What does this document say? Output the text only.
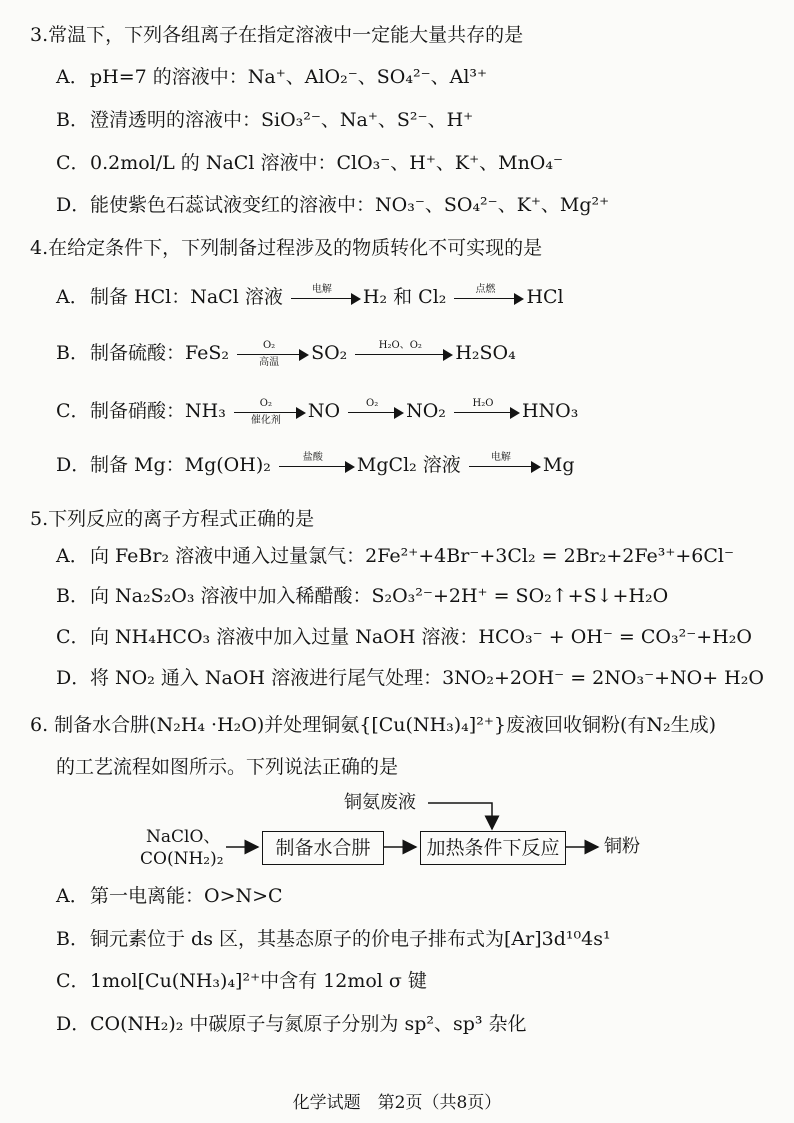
3.常温下，下列各组离子在指定溶液中一定能大量共存的是
A．pH=7 的溶液中：Na⁺、AlO₂⁻、SO₄²⁻、Al³⁺
B．澄清透明的溶液中：SiO₃²⁻、Na⁺、S²⁻、H⁺
C．0.2mol/L 的 NaCl 溶液中：ClO₃⁻、H⁺、K⁺、MnO₄⁻
D．能使紫色石蕊试液变红的溶液中：NO₃⁻、SO₄²⁻、K⁺、Mg²⁺
4.在给定条件下，下列制备过程涉及的物质转化不可实现的是
A．制备 HCl：NaCl 溶液	电解	H₂ 和 Cl₂	点燃	HCl
B．制备硫酸：FeS₂	O₂
高温	SO₂	H₂O、O₂	H₂SO₄
C．制备硝酸：NH₃	O₂
催化剂	NO	O₂	NO₂	H₂O	HNO₃
D．制备 Mg：Mg(OH)₂	盐酸	MgCl₂ 溶液	电解	Mg
5.下列反应的离子方程式正确的是
A．向 FeBr₂ 溶液中通入过量氯气：2Fe²⁺+4Br⁻+3Cl₂ = 2Br₂+2Fe³⁺+6Cl⁻
B．向 Na₂S₂O₃ 溶液中加入稀醋酸：S₂O₃²⁻+2H⁺ = SO₂↑+S↓+H₂O
C．向 NH₄HCO₃ 溶液中加入过量 NaOH 溶液：HCO₃⁻ + OH⁻ = CO₃²⁻+H₂O
D．将 NO₂ 通入 NaOH 溶液进行尾气处理：3NO₂+2OH⁻ = 2NO₃⁻+NO+ H₂O
6. 制备水合肼(N₂H₄ ·H₂O)并处理铜氨{[Cu(NH₃)₄]²⁺}废液回收铜粉(有N₂生成)
的工艺流程如图所示。下列说法正确的是
NaClO、
CO(NH₂)₂	制备水合肼
铜氨废液
加热条件下反应	铜粉
A．第一电离能：O>N>C
B．铜元素位于 ds 区，其基态原子的价电子排布式为[Ar]3d¹⁰4s¹
C．1mol[Cu(NH₃)₄]²⁺中含有 12mol σ 键
D．CO(NH₂)₂ 中碳原子与氮原子分别为 sp²、sp³ 杂化
化学试题　第2页（共8页）
